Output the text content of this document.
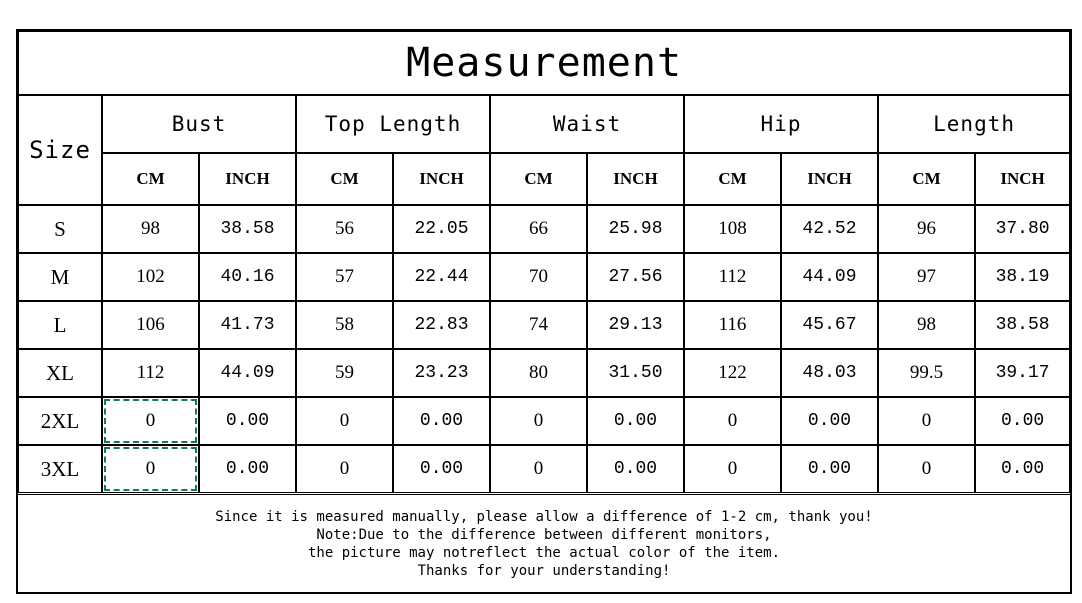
Measurement										
Size	Bust		Top Length		Waist		Hip		Length	
	CM	INCH	CM	INCH	CM	INCH	CM	INCH	CM	INCH
S	98	38.58	56	22.05	66	25.98	108	42.52	96	37.80
M	102	40.16	57	22.44	70	27.56	112	44.09	97	38.19
L	106	41.73	58	22.83	74	29.13	116	45.67	98	38.58
XL	112	44.09	59	23.23	80	31.50	122	48.03	99.5	39.17
2XL	0	0.00	0	0.00	0	0.00	0	0.00	0	0.00
3XL	0	0.00	0	0.00	0	0.00	0	0.00	0	0.00
Since it is measured manually, please allow a difference of 1-2 cm, thank you!
Note:Due to the difference between different monitors,
the picture may notreflect the actual color of the item.
Thanks for your understanding!
